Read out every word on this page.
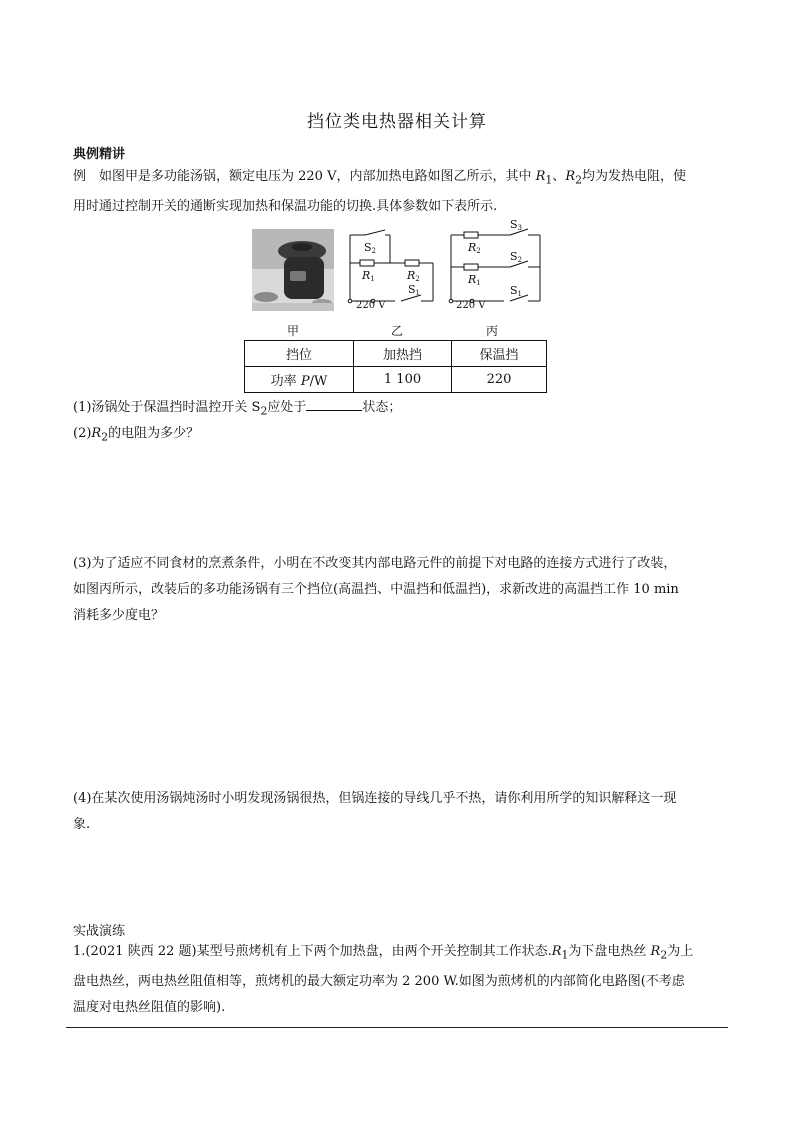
挡位类电热器相关计算
典例精讲
例　如图甲是多功能汤锅，额定电压为 220 V，内部加热电路如图乙所示，其中 $R_1$、$R_2$均为发热电阻，使
用时通过控制开关的通断实现加热和保温功能的切换.具体参数如下表所示.
S2
R1	R2
S1
220 V
S3
R2	S2
R1
S1
220 V
甲	乙	丙
挡位	加热挡	保温挡
功率 P/W	1 100	220
(1)汤锅处于保温挡时温控开关 $S_2$应处于	状态；
$(2)R_2$的电阻为多少？
(3)为了适应不同食材的烹煮条件，小明在不改变其内部电路元件的前提下对电路的连接方式进行了改装，
如图丙所示，改装后的多功能汤锅有三个挡位(高温挡、中温挡和低温挡)，求新改进的高温挡工作 10 min
消耗多少度电？
(4)在某次使用汤锅炖汤时小明发现汤锅很热，但锅连接的导线几乎不热，请你利用所学的知识解释这一现
象.
实战演练
1.(2021 陕西 22 题)某型号煎烤机有上下两个加热盘，由两个开关控制其工作状态$.R_1$为下盘电热丝 $R_2$为上
盘电热丝，两电热丝阻值相等，煎烤机的最大额定功率为 2 200 W.如图为煎烤机的内部简化电路图(不考虑
温度对电热丝阻值的影响).
